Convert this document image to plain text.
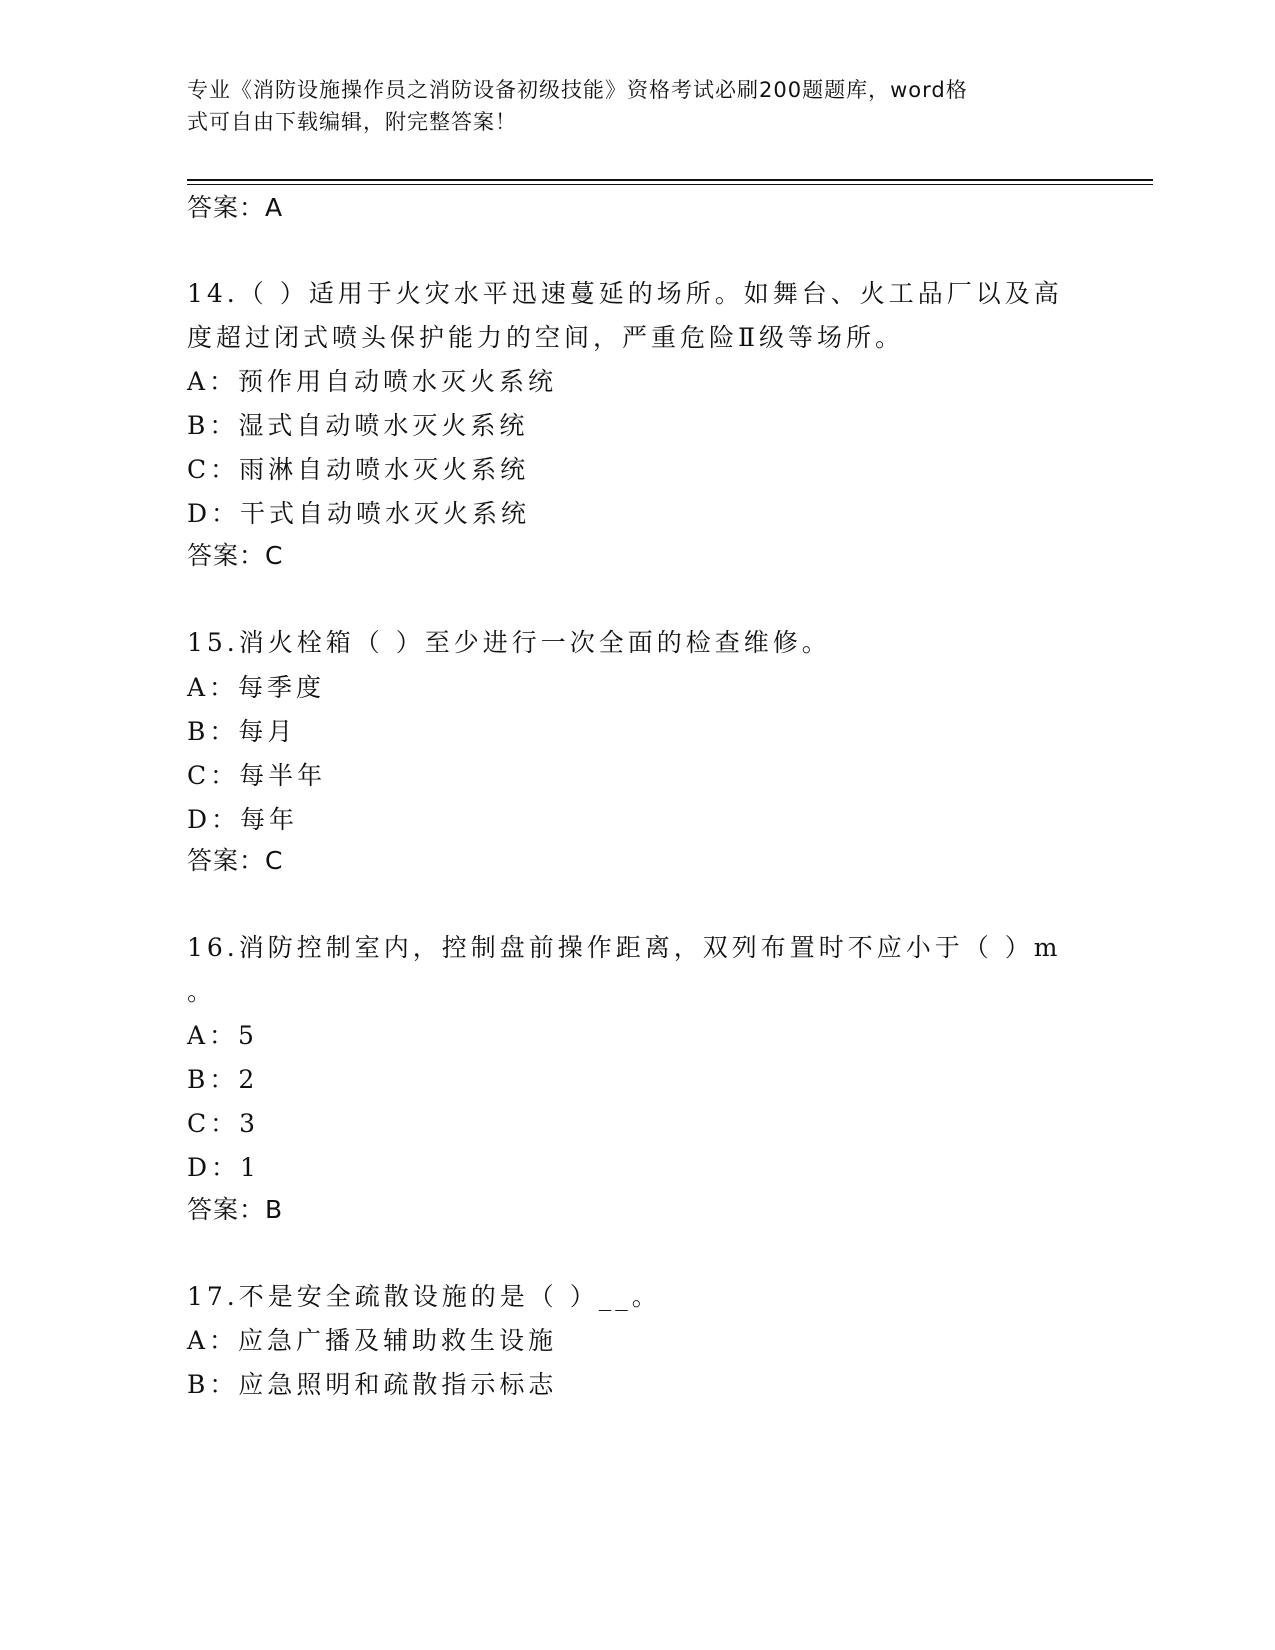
专业《消防设施操作员之消防设备初级技能》资格考试必刷200题题库，word格
式可自由下载编辑，附完整答案！
答案：A
14.（ ）适用于火灾水平迅速蔓延的场所。如舞台、火工品厂以及高
度超过闭式喷头保护能力的空间，严重危险Ⅱ级等场所。
A：预作用自动喷水灭火系统
B：湿式自动喷水灭火系统
C：雨淋自动喷水灭火系统
D：干式自动喷水灭火系统
答案：C
15.消火栓箱（ ）至少进行一次全面的检查维修。
A：每季度
B：每月
C：每半年
D：每年
答案：C
16.消防控制室内，控制盘前操作距离，双列布置时不应小于（ ）m
。
A：5
B：2
C：3
D：1
答案：B
17.不是安全疏散设施的是（ ）__。
A：应急广播及辅助救生设施
B：应急照明和疏散指示标志
